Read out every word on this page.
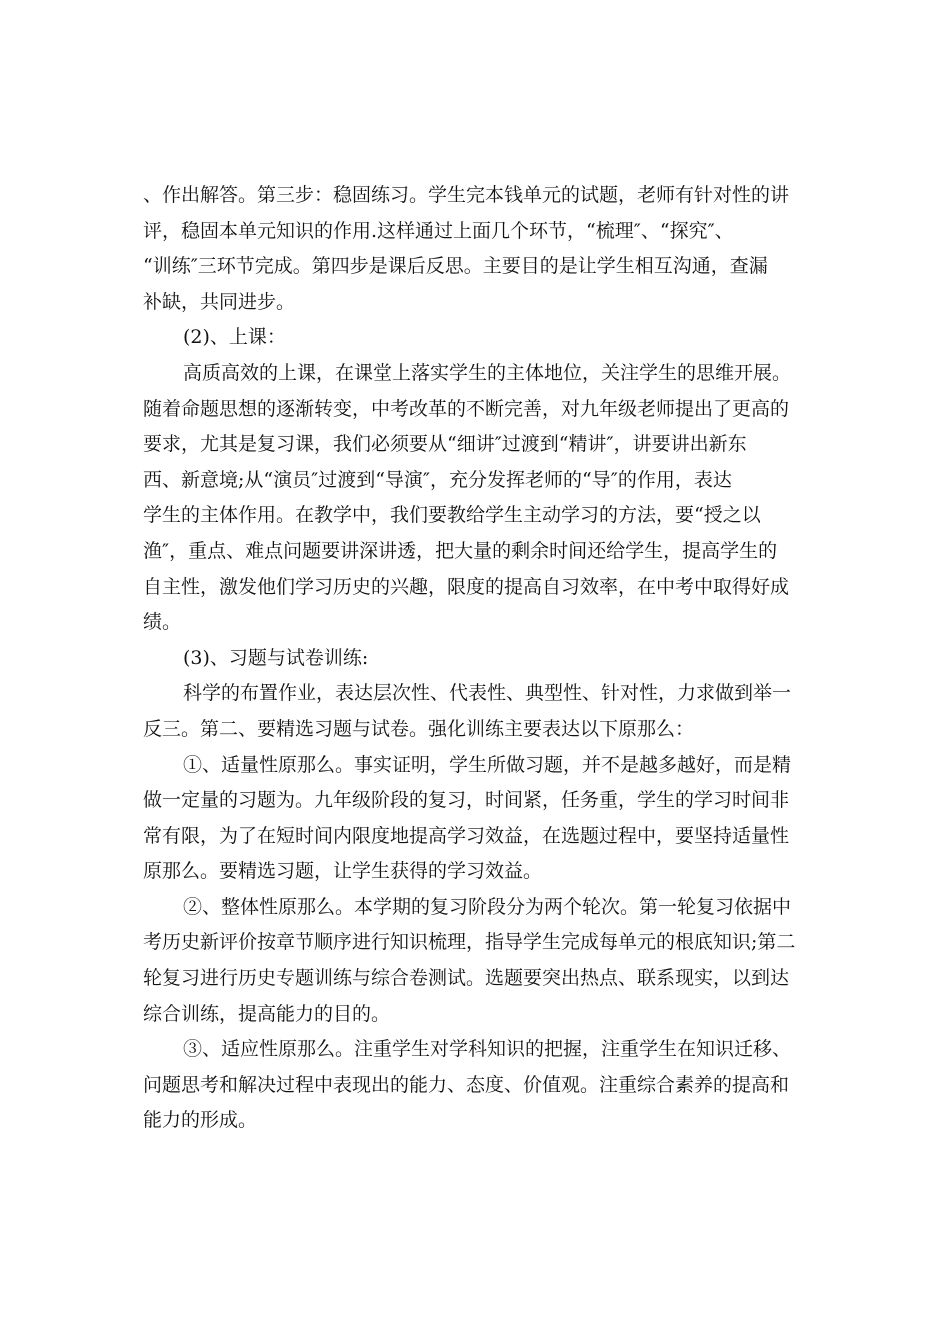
、作出解答。第三步：稳固练习。学生完本钱单元的试题，老师有针对性的讲
评，稳固本单元知识的作用.这样通过上面几个环节，“梳理″、“探究″、
“训练″三环节完成。第四步是课后反思。主要目的是让学生相互沟通，查漏
补缺，共同进步。
(2)、上课：
高质高效的上课，在课堂上落实学生的主体地位，关注学生的思维开展。
随着命题思想的逐渐转变，中考改革的不断完善，对九年级老师提出了更高的
要求，尤其是复习课，我们必须要从“细讲″过渡到“精讲″，讲要讲出新东
西、新意境;从“演员″过渡到“导演″，充分发挥老师的“导″的作用，表达
学生的主体作用。在教学中，我们要教给学生主动学习的方法，要“授之以
渔″，重点、难点问题要讲深讲透，把大量的剩余时间还给学生，提高学生的
自主性，激发他们学习历史的兴趣，限度的提高自习效率，在中考中取得好成
绩。
(3)、习题与试卷训练:
科学的布置作业，表达层次性、代表性、典型性、针对性，力求做到举一
反三。第二、要精选习题与试卷。强化训练主要表达以下原那么：
①、适量性原那么。事实证明，学生所做习题，并不是越多越好，而是精
做一定量的习题为。九年级阶段的复习，时间紧，任务重，学生的学习时间非
常有限，为了在短时间内限度地提高学习效益，在选题过程中，要坚持适量性
原那么。要精选习题，让学生获得的学习效益。
②、整体性原那么。本学期的复习阶段分为两个轮次。第一轮复习依据中
考历史新评价按章节顺序进行知识梳理，指导学生完成每单元的根底知识;第二
轮复习进行历史专题训练与综合卷测试。选题要突出热点、联系现实，以到达
综合训练，提高能力的目的。
③、适应性原那么。注重学生对学科知识的把握，注重学生在知识迁移、
问题思考和解决过程中表现出的能力、态度、价值观。注重综合素养的提高和
能力的形成。
